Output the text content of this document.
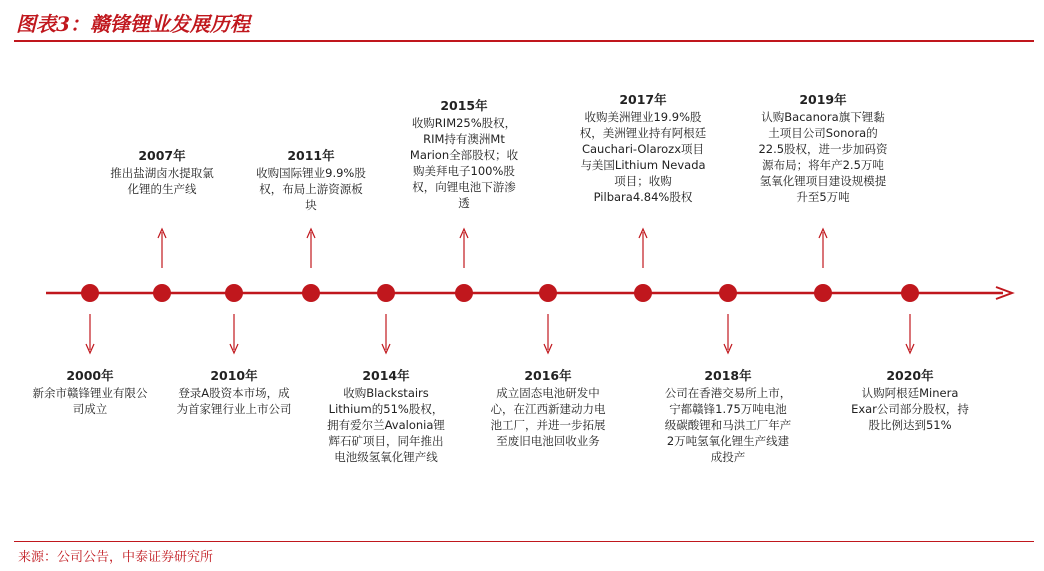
图表3：赣锋锂业发展历程
2000年
新余市赣锋锂业有限公司成立
2007年
推出盐湖卤水提取氯化锂的生产线
2010年
登录A股资本市场，成为首家锂行业上市公司
2011年
收购国际锂业9.9%股权，布局上游资源板块
2014年
收购Blackstairs Lithium的51%股权，拥有爱尔兰Avalonia锂辉石矿项目，同年推出电池级氢氧化锂产线
2015年
收购RIM25%股权，RIM持有澳洲Mt Marion全部股权；收购美拜电子100%股权，向锂电池下游渗透
2016年
成立固态电池研发中心，在江西新建动力电池工厂，并进一步拓展至废旧电池回收业务
2017年
收购美洲锂业19.9%股权，美洲锂业持有阿根廷Cauchari-Olarozx项目与美国Lithium Nevada项目；收购Pilbara4.84%股权
2018年
公司在香港交易所上市，宁都赣锋1.75万吨电池级碳酸锂和马洪工厂年产2万吨氢氧化锂生产线建成投产
2019年
认购Bacanora旗下锂黏土项目公司Sonora的22.5股权，进一步加码资源布局；将年产2.5万吨氢氧化锂项目建设规模提升至5万吨
2020年
认购阿根廷Minera Exar公司部分股权，持股比例达到51%
来源：公司公告，中泰证券研究所
